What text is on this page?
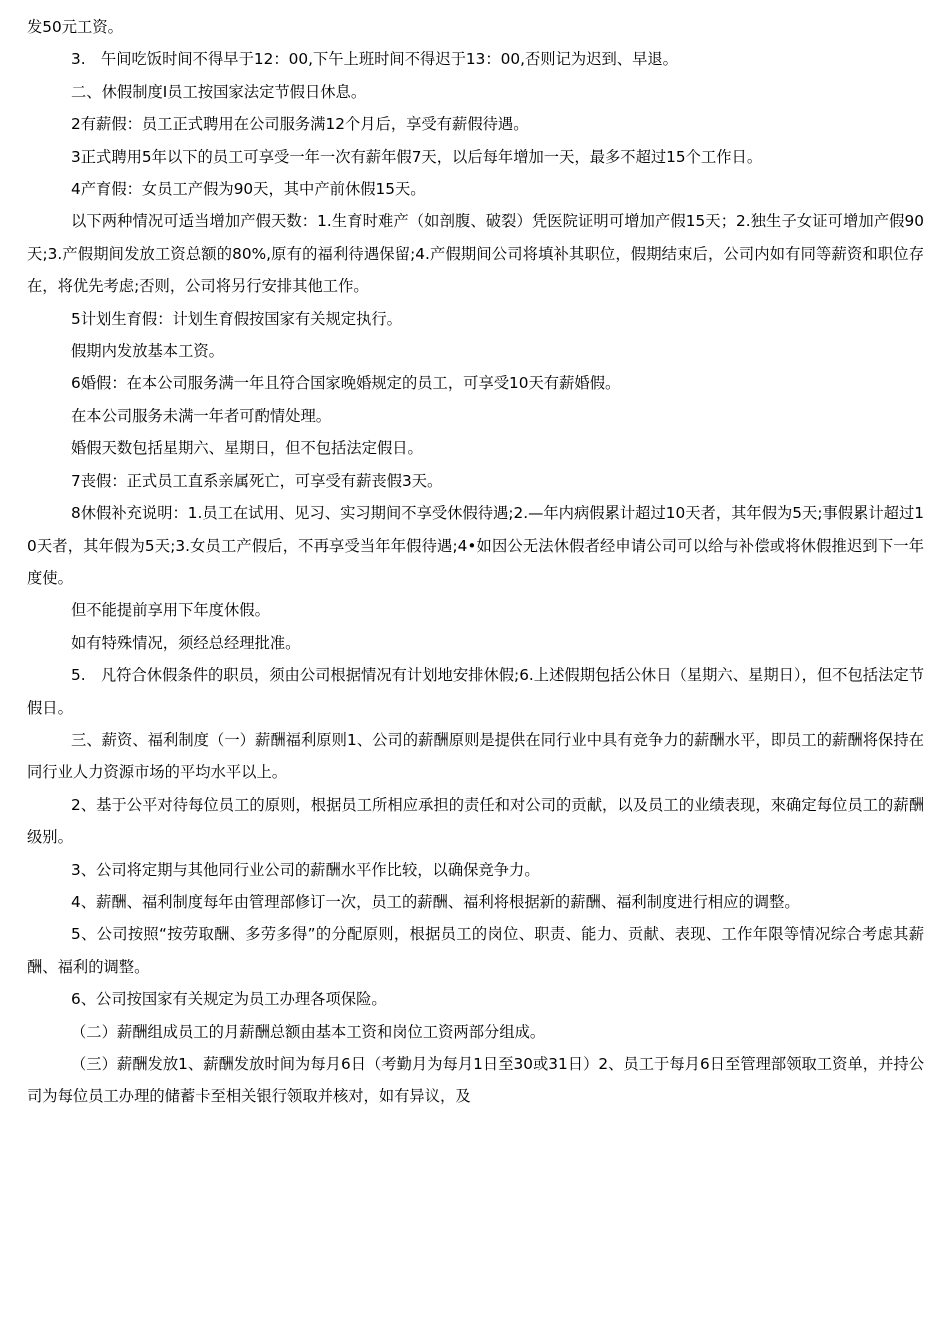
发50元工资。

3.　午间吃饭时间不得早于12：00,下午上班时间不得迟于13：00,否则记为迟到、早退。

二、休假制度I员工按国家法定节假日休息。

2有薪假：员工正式聘用在公司服务满12个月后，享受有薪假待遇。

3正式聘用5年以下的员工可享受一年一次有薪年假7天，以后每年增加一天，最多不超过15个工作日。

4产育假：女员工产假为90天，其中产前休假15天。

以下两种情况可适当增加产假天数：1.生育时难产（如剖腹、破裂）凭医院证明可增加产假15天；2.独生子女证可增加产假90天;3.产假期间发放工资总额的80%,原有的福利待遇保留;4.产假期间公司将填补其职位，假期结束后，公司内如有同等薪资和职位存在，将优先考虑;否则，公司将另行安排其他工作。

5计划生育假：计划生育假按国家有关规定执行。

假期内发放基本工资。

6婚假：在本公司服务满一年且符合国家晚婚规定的员工，可享受10天有薪婚假。

在本公司服务未满一年者可酌情处理。

婚假天数包括星期六、星期日，但不包括法定假日。

7丧假：正式员工直系亲属死亡，可享受有薪丧假3天。

8休假补充说明：1.员工在试用、见习、实习期间不享受休假待遇;2.—年内病假累计超过10天者，其年假为5天;事假累计超过10天者，其年假为5天;3.女员工产假后，不再享受当年年假待遇;4•如因公无法休假者经申请公司可以给与补偿或将休假推迟到下一年度使。

但不能提前享用下年度休假。

如有特殊情况，须经总经理批准。

5.　凡符合休假条件的职员，须由公司根据情况有计划地安排休假;6.上述假期包括公休日（星期六、星期日），但不包括法定节假日。

三、薪资、福利制度（一）薪酬福利原则1、公司的薪酬原则是提供在同行业中具有竞争力的薪酬水平，即员工的薪酬将保持在同行业人力资源市场的平均水平以上。

2、基于公平对待每位员工的原则，根据员工所相应承担的责任和对公司的贡献，以及员工的业绩表现，來确定每位员工的薪酬级别。

3、公司将定期与其他同行业公司的薪酬水平作比较，以确保竞争力。

4、薪酬、福利制度每年由管理部修订一次，员工的薪酬、福利将根据新的薪酬、福利制度进行相应的调整。

5、公司按照“按劳取酬、多劳多得”的分配原则，根据员工的岗位、职责、能力、贡献、表现、工作年限等情况综合考虑其薪酬、福利的调整。

6、公司按国家有关规定为员工办理各项保险。

（二）薪酬组成员工的月薪酬总额由基本工资和岗位工资两部分组成。

（三）薪酬发放1、薪酬发放时间为每月6日（考勤月为每月1日至30或31日）2、员工于每月6日至管理部领取工资单，并持公司为每位员工办理的储蓄卡至相关银行领取并核对，如有异议，及
